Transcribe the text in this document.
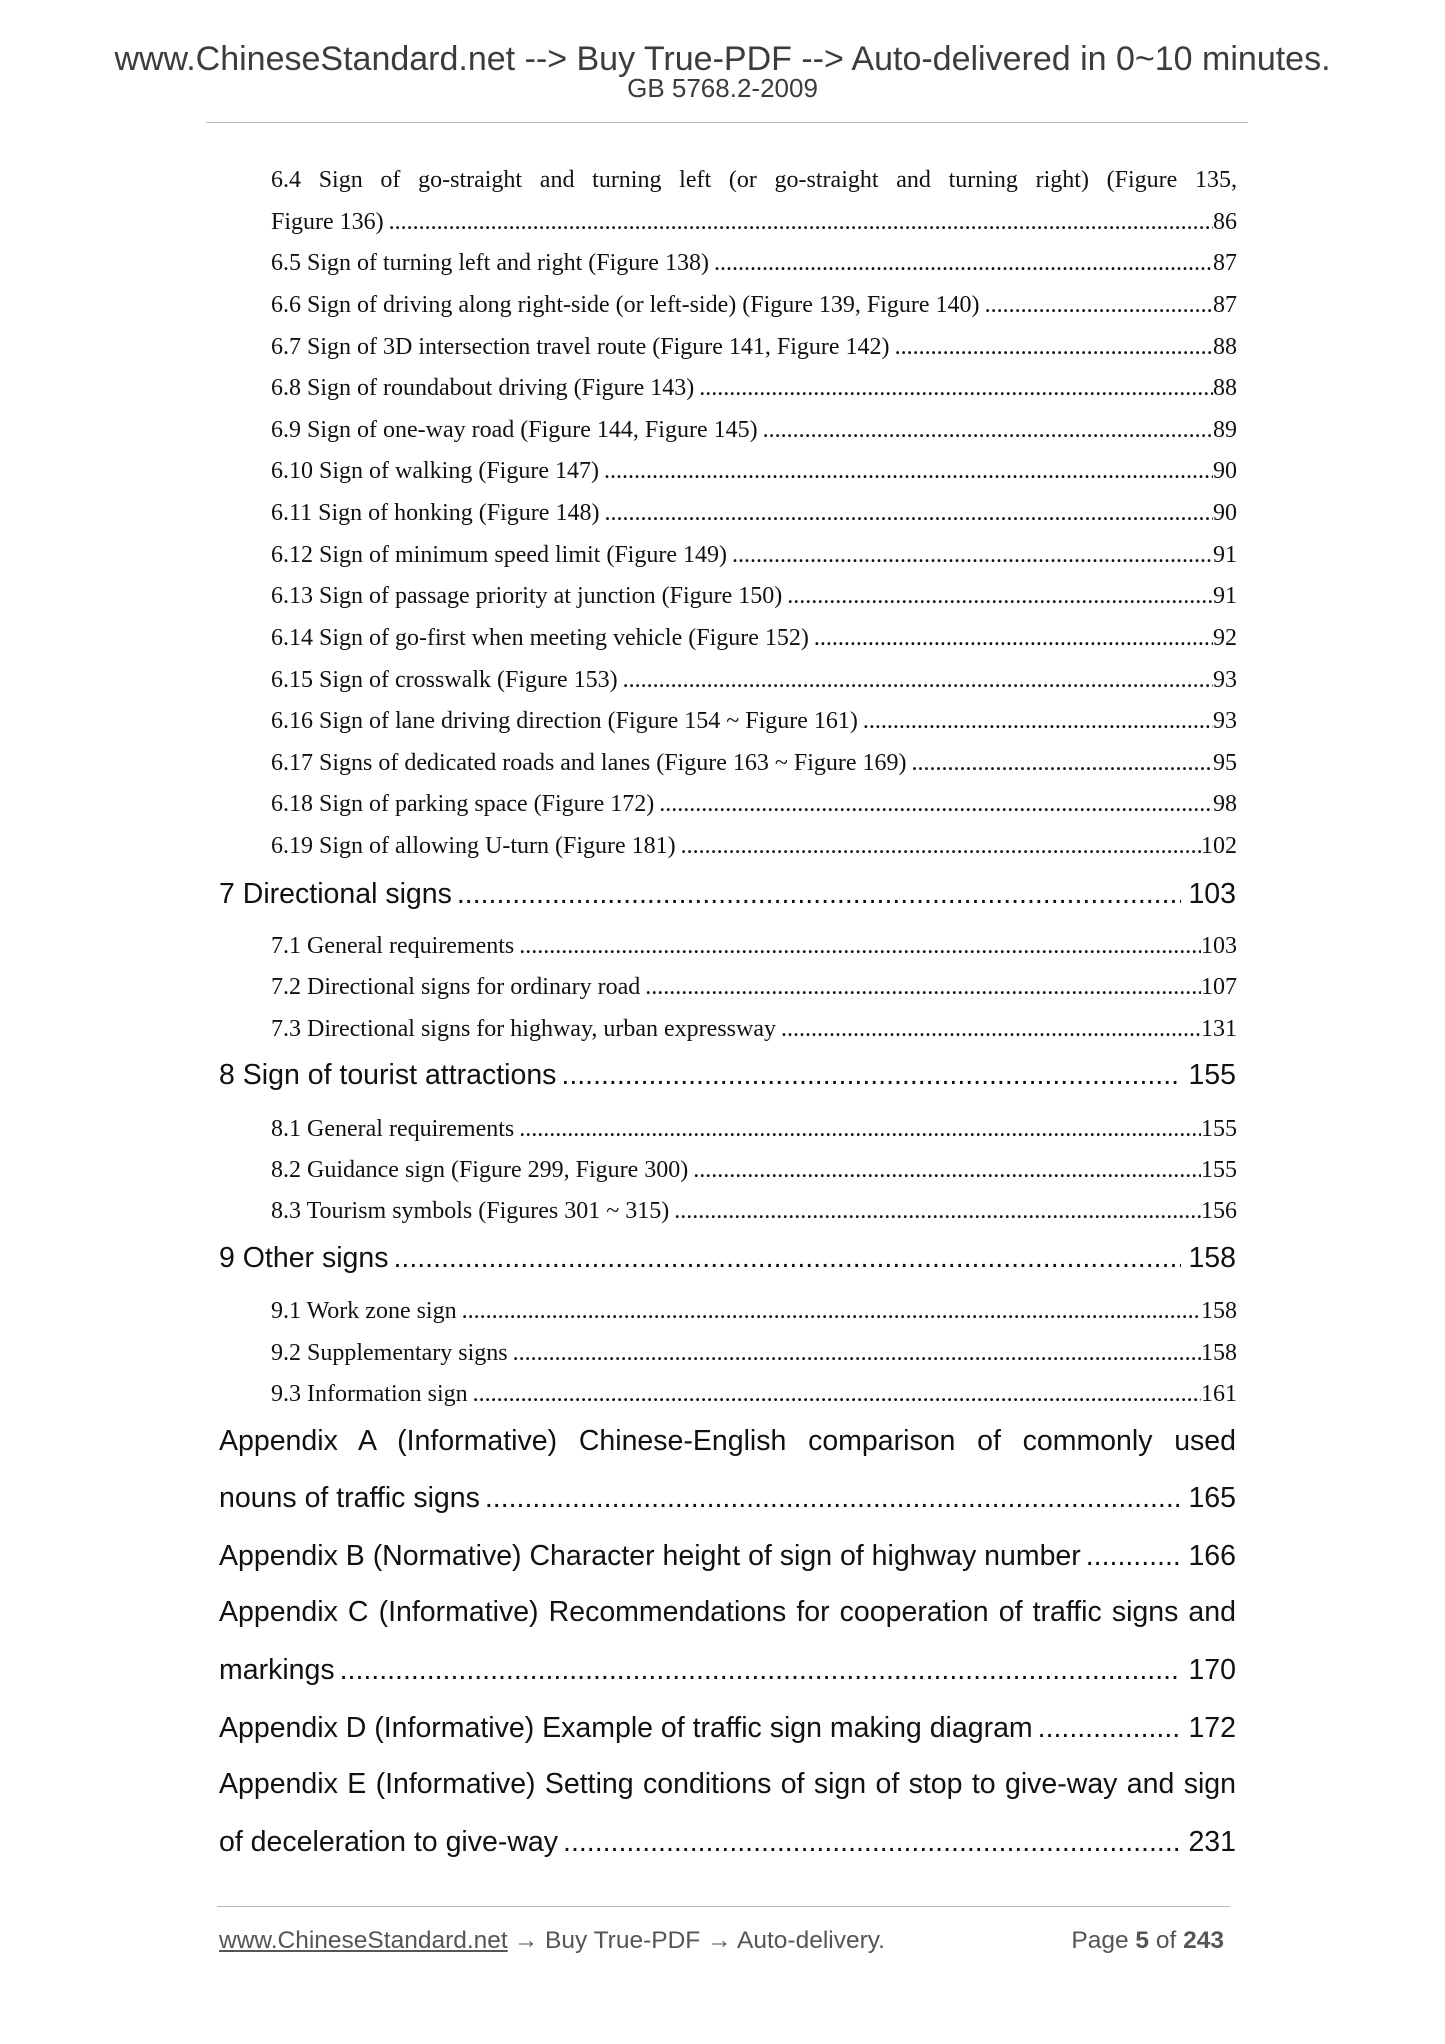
www.ChineseStandard.net --> Buy True-PDF --> Auto-delivered in 0~10 minutes.
GB 5768.2-2009
6.4 Sign of go-straight and turning left (or go-straight and turning right) (Figure 135,
Figure 136) .....	86
6.5 Sign of turning left and right (Figure 138) .....	87
6.6 Sign of driving along right-side (or left-side) (Figure 139, Figure 140) .....	87
6.7 Sign of 3D intersection travel route (Figure 141, Figure 142) .....	88
6.8 Sign of roundabout driving (Figure 143) .....	88
6.9 Sign of one-way road (Figure 144, Figure 145) .....	89
6.10 Sign of walking (Figure 147) .....	90
6.11 Sign of honking (Figure 148) .....	90
6.12 Sign of minimum speed limit (Figure 149) .....	91
6.13 Sign of passage priority at junction (Figure 150) .....	91
6.14 Sign of go-first when meeting vehicle (Figure 152) .....	92
6.15 Sign of crosswalk (Figure 153) .....	93
6.16 Sign of lane driving direction (Figure 154 ~ Figure 161) .....	93
6.17 Signs of dedicated roads and lanes (Figure 163 ~ Figure 169) .....	95
6.18 Sign of parking space (Figure 172) .....	98
6.19 Sign of allowing U-turn (Figure 181) .....	102
7 Directional signs .....	103
7.1 General requirements .....	103
7.2 Directional signs for ordinary road .....	107
7.3 Directional signs for highway, urban expressway .....	131
8 Sign of tourist attractions .....	155
8.1 General requirements .....	155
8.2 Guidance sign (Figure 299, Figure 300) .....	155
8.3 Tourism symbols (Figures 301 ~ 315) .....	156
9 Other signs .....	158
9.1 Work zone sign .....	158
9.2 Supplementary signs .....	158
9.3 Information sign .....	161
Appendix A (Informative) Chinese-English comparison of commonly used
nouns of traffic signs .....	165
Appendix B (Normative) Character height of sign of highway number .....	166
Appendix C (Informative) Recommendations for cooperation of traffic signs and
markings .....	170
Appendix D (Informative) Example of traffic sign making diagram .....	172
Appendix E (Informative) Setting conditions of sign of stop to give-way and sign
of deceleration to give-way .....	231
www.ChineseStandard.net → Buy True-PDF → Auto-delivery.	Page 5 of 243
